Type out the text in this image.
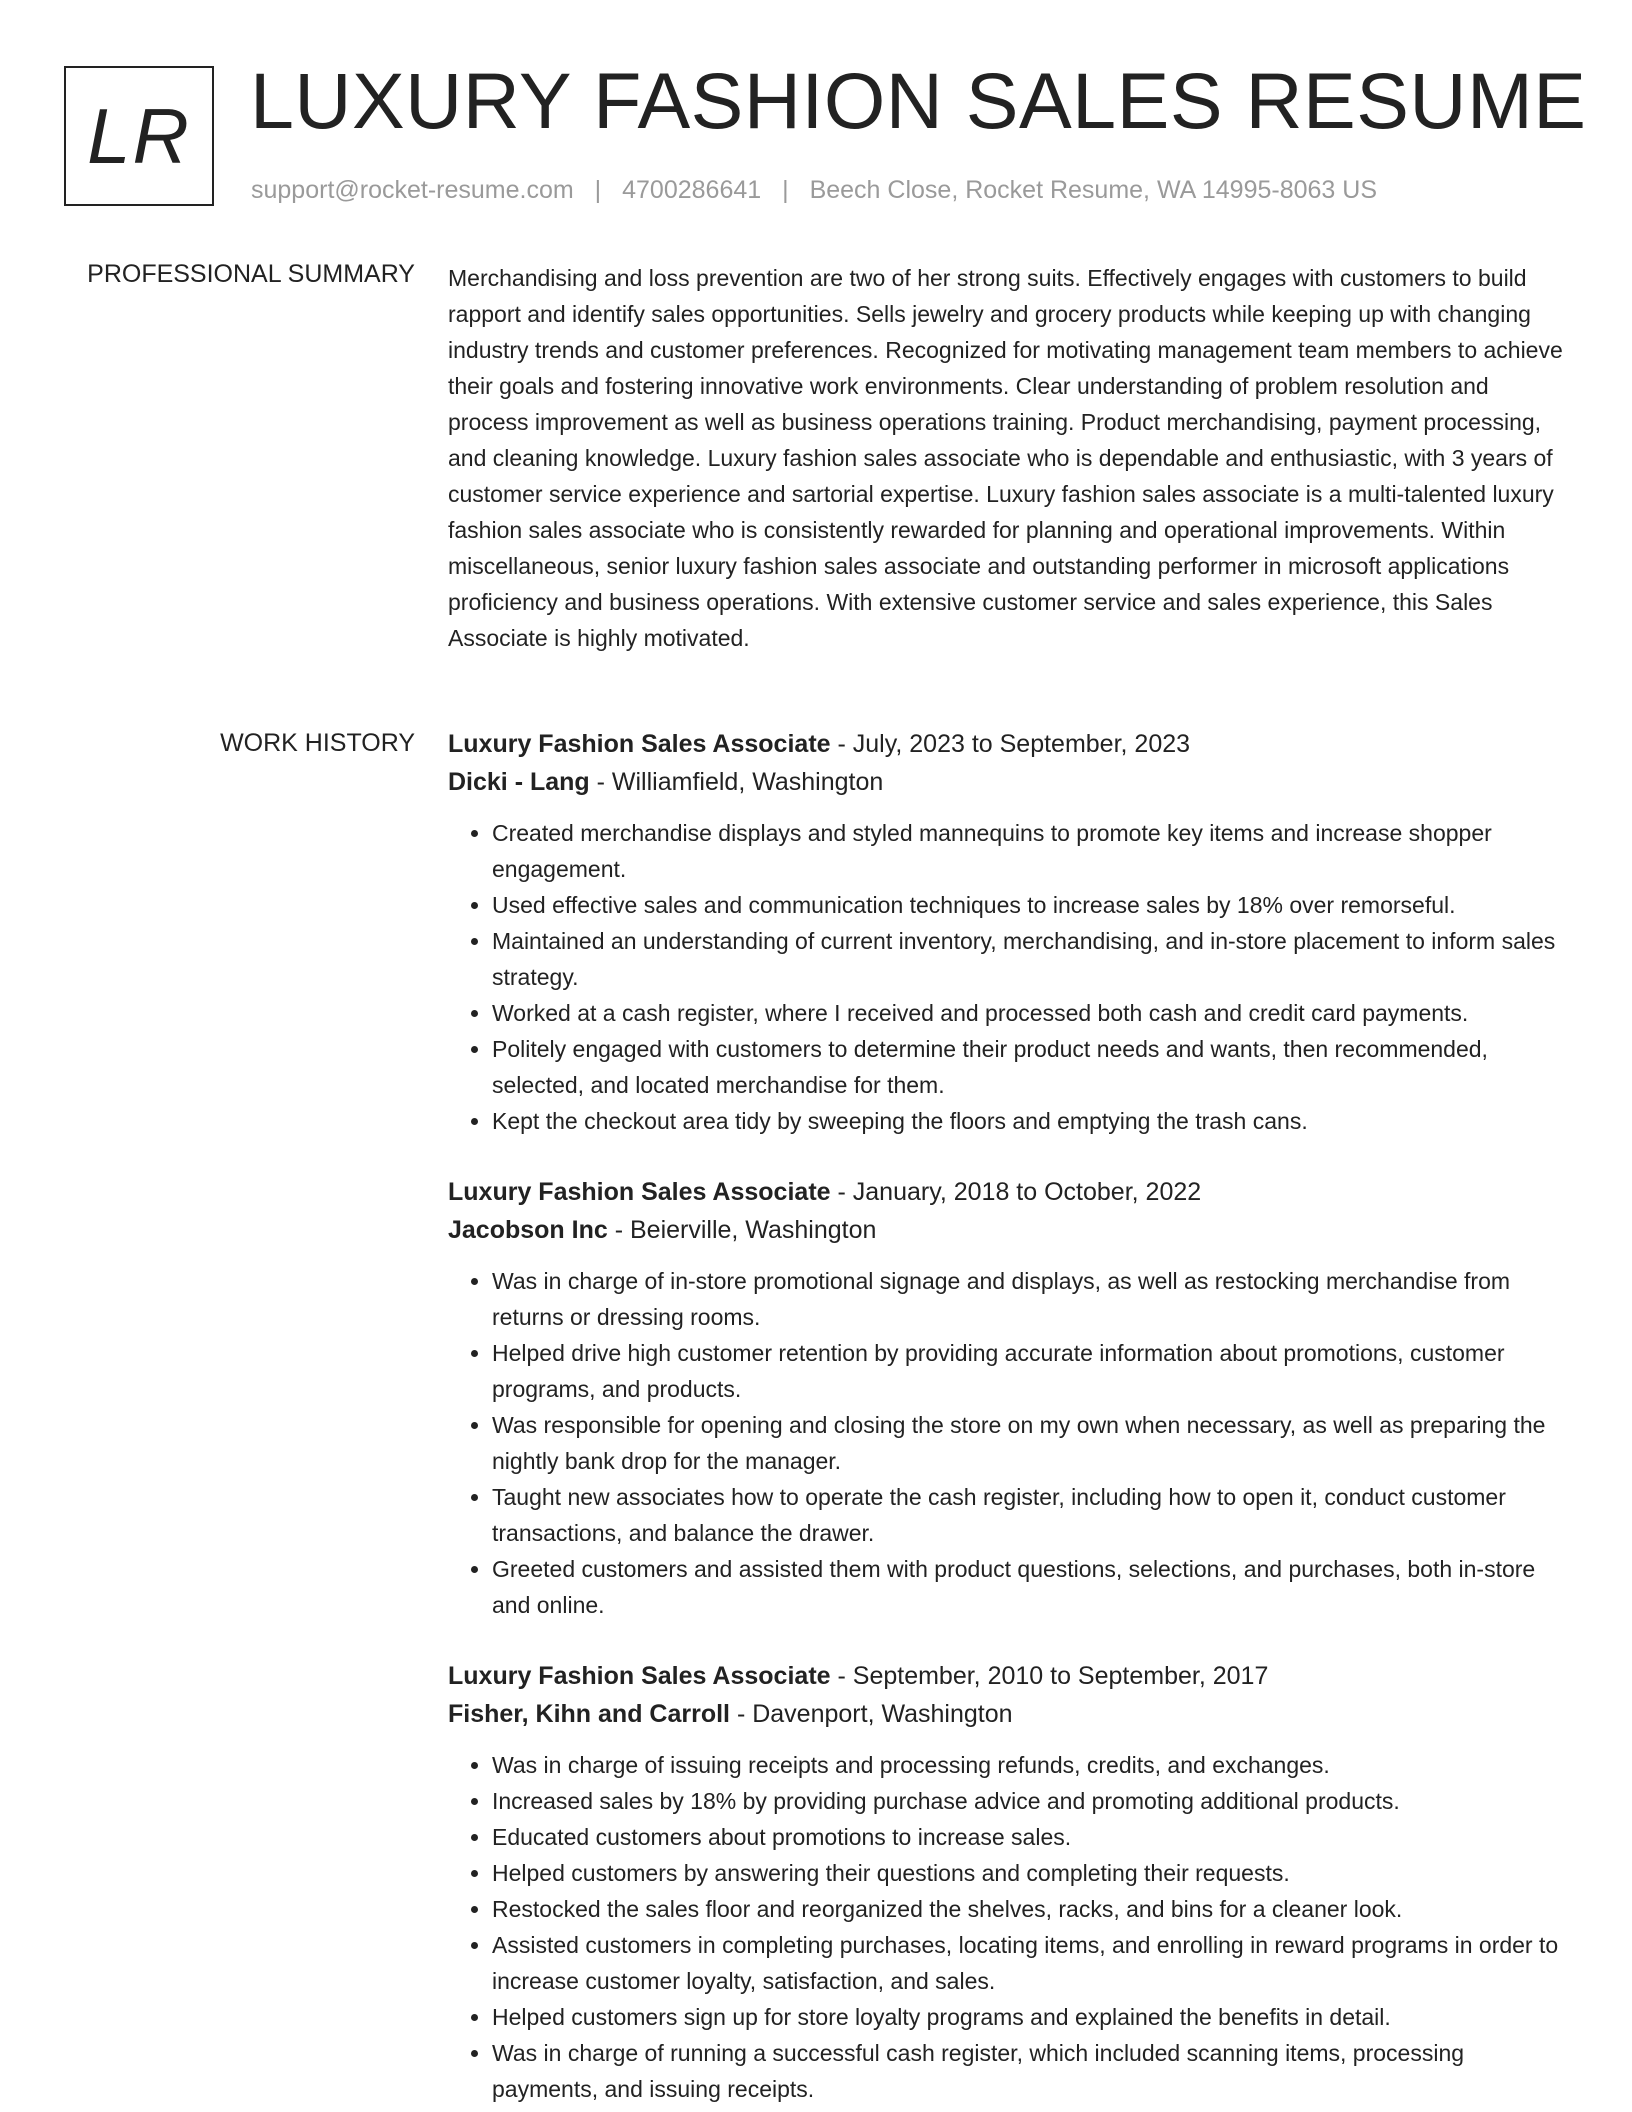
LR LUXURY FASHION SALES RESUME
support@rocket-resume.com | 4700286641 | Beech Close, Rocket Resume, WA 14995-8063 US
PROFESSIONAL SUMMARY Merchandising and loss prevention are two of her strong suits. Effectively engages with customers to build rapport and identify sales opportunities. Sells jewelry and grocery products while keeping up with changing industry trends and customer preferences. Recognized for motivating management team members to achieve their goals and fostering innovative work environments. Clear understanding of problem resolution and process improvement as well as business operations training. Product merchandising, payment processing, and cleaning knowledge. Luxury fashion sales associate who is dependable and enthusiastic, with 3 years of customer service experience and sartorial expertise. Luxury fashion sales associate is a multi-talented luxury fashion sales associate who is consistently rewarded for planning and operational improvements. Within miscellaneous, senior luxury fashion sales associate and outstanding performer in microsoft applications proficiency and business operations. With extensive customer service and sales experience, this Sales Associate is highly motivated.

WORK HISTORY Luxury Fashion Sales Associate - July, 2023 to September, 2023

Dicki - Lang - Williamfield, Washington

• Created merchandise displays and styled mannequins to promote key items and increase shopper engagement.
• Used effective sales and communication techniques to increase sales by 18% over remorseful.
• Maintained an understanding of current inventory, merchandising, and in-store placement to inform sales strategy.
• Worked at a cash register, where I received and processed both cash and credit card payments.
• Politely engaged with customers to determine their product needs and wants, then recommended, selected, and located merchandise for them.
• Kept the checkout area tidy by sweeping the floors and emptying the trash cans.

Luxury Fashion Sales Associate - January, 2018 to October, 2022

Jacobson Inc - Beierville, Washington

• Was in charge of in-store promotional signage and displays, as well as restocking merchandise from returns or dressing rooms.
• Helped drive high customer retention by providing accurate information about promotions, customer programs, and products.
• Was responsible for opening and closing the store on my own when necessary, as well as preparing the nightly bank drop for the manager.
• Taught new associates how to operate the cash register, including how to open it, conduct customer transactions, and balance the drawer.
• Greeted customers and assisted them with product questions, selections, and purchases, both in-store and online.

Luxury Fashion Sales Associate - September, 2010 to September, 2017

Fisher, Kihn and Carroll - Davenport, Washington

• Was in charge of issuing receipts and processing refunds, credits, and exchanges.
• Increased sales by 18% by providing purchase advice and promoting additional products.
• Educated customers about promotions to increase sales.
• Helped customers by answering their questions and completing their requests.
• Restocked the sales floor and reorganized the shelves, racks, and bins for a cleaner look.
• Assisted customers in completing purchases, locating items, and enrolling in reward programs in order to increase customer loyalty, satisfaction, and sales.
• Helped customers sign up for store loyalty programs and explained the benefits in detail.
• Was in charge of running a successful cash register, which included scanning items, processing payments, and issuing receipts.
